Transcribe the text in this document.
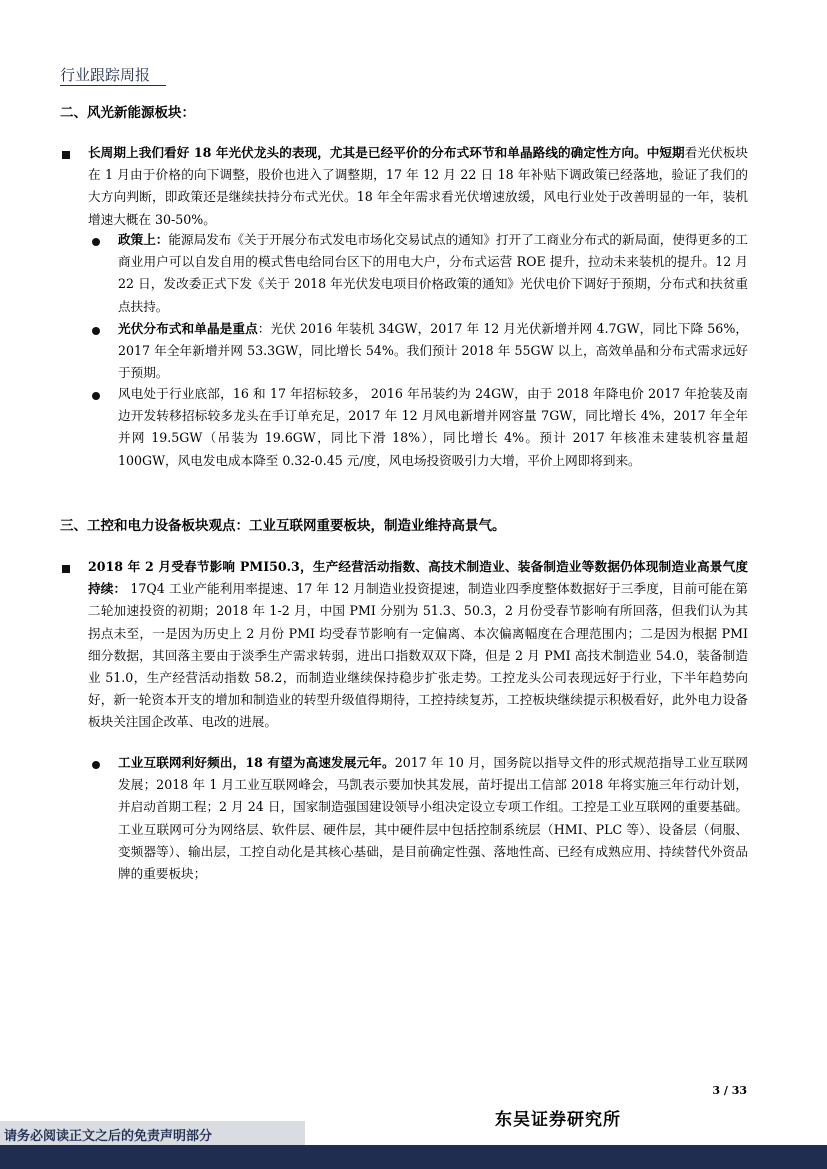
行业跟踪周报
二、风光新能源板块：
长周期上我们看好 18 年光伏龙头的表现，尤其是已经平价的分布式环节和单晶路线的确定性方向。中短期看光伏板块在 1 月由于价格的向下调整，股价也进入了调整期，17 年 12 月 22 日 18 年补贴下调政策已经落地，验证了我们的大方向判断，即政策还是继续扶持分布式光伏。18 年全年需求看光伏增速放缓，风电行业处于改善明显的一年，装机增速大概在 30-50%。
政策上：能源局发布《关于开展分布式发电市场化交易试点的通知》打开了工商业分布式的新局面，使得更多的工商业用户可以自发自用的模式售电给同台区下的用电大户，分布式运营 ROE 提升，拉动未来装机的提升。12 月 22 日，发改委正式下发《关于 2018 年光伏发电项目价格政策的通知》光伏电价下调好于预期，分布式和扶贫重点扶持。
光伏分布式和单晶是重点：光伏 2016 年装机 34GW，2017 年 12 月光伏新增并网 4.7GW，同比下降 56%，2017 年全年新增并网 53.3GW，同比增长 54%。我们预计 2018 年 55GW 以上，高效单晶和分布式需求远好于预期。
风电处于行业底部，16 和 17 年招标较多， 2016 年吊装约为 24GW，由于 2018 年降电价 2017 年抢装及南边开发转移招标较多龙头在手订单充足，2017 年 12 月风电新增并网容量 7GW，同比增长 4%，2017 年全年并网 19.5GW（吊装为 19.6GW，同比下滑 18%），同比增长 4%。预计 2017 年核准未建装机容量超 100GW，风电发电成本降至 0.32-0.45 元/度，风电场投资吸引力大增，平价上网即将到来。
三、工控和电力设备板块观点：工业互联网重要板块，制造业维持高景气。
2018 年 2 月受春节影响 PMI50.3，生产经营活动指数、高技术制造业、装备制造业等数据仍体现制造业高景气度持续： 17Q4 工业产能利用率提速、17 年 12 月制造业投资提速，制造业四季度整体数据好于三季度，目前可能在第二轮加速投资的初期；2018 年 1-2 月，中国 PMI 分别为 51.3、50.3，2 月份受春节影响有所回落，但我们认为其拐点未至，一是因为历史上 2 月份 PMI 均受春节影响有一定偏离、本次偏离幅度在合理范围内；二是因为根据 PMI 细分数据，其回落主要由于淡季生产需求转弱，进出口指数双双下降，但是 2 月 PMI 高技术制造业 54.0，装备制造业 51.0，生产经营活动指数 58.2，而制造业继续保持稳步扩张走势。工控龙头公司表现远好于行业，下半年趋势向好，新一轮资本开支的增加和制造业的转型升级值得期待，工控持续复苏，工控板块继续提示积极看好，此外电力设备板块关注国企改革、电改的进展。
工业互联网利好频出，18 有望为高速发展元年。2017 年 10 月，国务院以指导文件的形式规范指导工业互联网发展；2018 年 1 月工业互联网峰会，马凯表示要加快其发展，苗圩提出工信部 2018 年将实施三年行动计划，并启动首期工程；2 月 24 日，国家制造强国建设领导小组决定设立专项工作组。工控是工业互联网的重要基础。工业互联网可分为网络层、软件层、硬件层，其中硬件层中包括控制系统层（HMI、PLC 等）、设备层（伺服、变频器等）、输出层，工控自动化是其核心基础，是目前确定性强、落地性高、已经有成熟应用、持续替代外资品牌的重要板块；
3 / 33
东吴证券研究所
请务必阅读正文之后的免责声明部分
